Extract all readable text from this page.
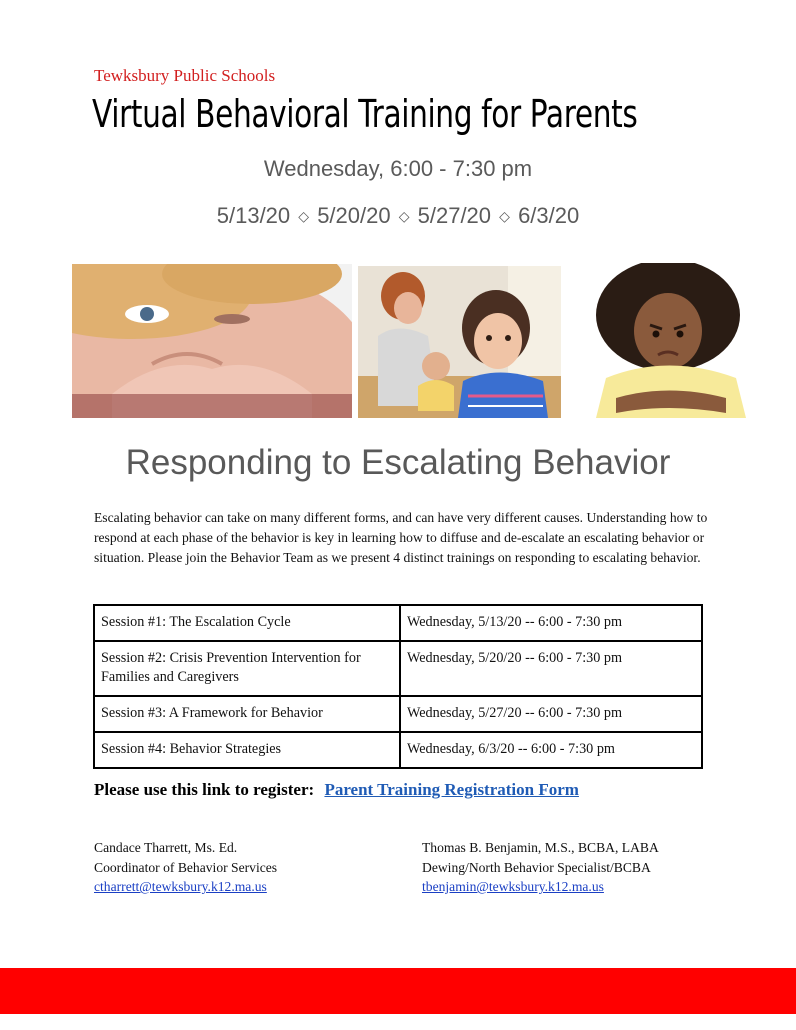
Tewksbury Public Schools
Virtual Behavioral Training for Parents
Wednesday, 6:00 - 7:30 pm
5/13/20 ◇ 5/20/20 ◇ 5/27/20 ◇ 6/3/20
Responding to Escalating Behavior
Escalating behavior can take on many different forms, and can have very different causes. Understanding how to respond at each phase of the behavior is key in learning how to diffuse and de-escalate an escalating behavior or situation. Please join the Behavior Team as we present 4 distinct trainings on responding to escalating behavior.
Session #1: The Escalation Cycle	Wednesday, 5/13/20 -- 6:00 - 7:30 pm
Session #2: Crisis Prevention Intervention for Families and Caregivers	Wednesday, 5/20/20 -- 6:00 - 7:30 pm
Session #3: A Framework for Behavior	Wednesday, 5/27/20 -- 6:00 - 7:30 pm
Session #4: Behavior Strategies	Wednesday, 6/3/20 -- 6:00 - 7:30 pm
Please use this link to register: Parent Training Registration Form
Candace Tharrett, Ms. Ed.
Coordinator of Behavior Services
ctharrett@tewksbury.k12.ma.us
Thomas B. Benjamin, M.S., BCBA, LABA
Dewing/North Behavior Specialist/BCBA
tbenjamin@tewksbury.k12.ma.us
